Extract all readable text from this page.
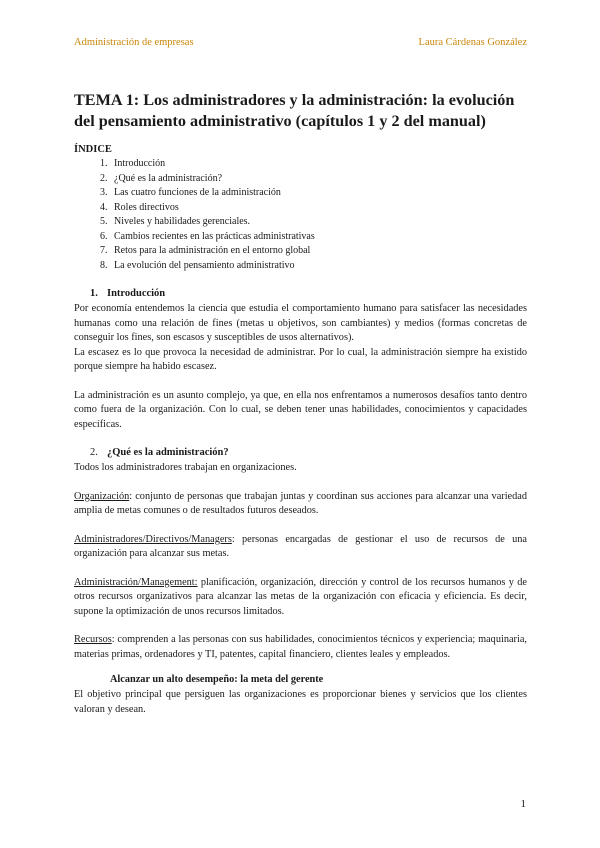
Administración de empresas	Laura Cárdenas González
TEMA 1: Los administradores y la administración: la evolución del pensamiento administrativo (capítulos 1 y 2 del manual)
ÍNDICE
1. Introducción
2. ¿Qué es la administración?
3. Las cuatro funciones de la administración
4. Roles directivos
5. Niveles y habilidades gerenciales.
6. Cambios recientes en las prácticas administrativas
7. Retos para la administración en el entorno global
8. La evolución del pensamiento administrativo
1. Introducción

Por economía entendemos la ciencia que estudia el comportamiento humano para satisfacer las necesidades humanas como una relación de fines (metas u objetivos, son cambiantes) y medios (formas concretas de conseguir los fines, son escasos y susceptibles de usos alternativos).

La escasez es lo que provoca la necesidad de administrar. Por lo cual, la administración siempre ha existido porque siempre ha habido escasez.

La administración es un asunto complejo, ya que, en ella nos enfrentamos a numerosos desafíos tanto dentro como fuera de la organización. Con lo cual, se deben tener unas habilidades, conocimientos y capacidades específicas.

2. ¿Qué es la administración?

Todos los administradores trabajan en organizaciones.

Organización: conjunto de personas que trabajan juntas y coordinan sus acciones para alcanzar una variedad amplia de metas comunes o de resultados futuros deseados.

Administradores/Directivos/Managers: personas encargadas de gestionar el uso de recursos de una organización para alcanzar sus metas.

Administración/Management: planificación, organización, dirección y control de los recursos humanos y de otros recursos organizativos para alcanzar las metas de la organización con eficacia y eficiencia. Es decir, supone la optimización de unos recursos limitados.

Recursos: comprenden a las personas con sus habilidades, conocimientos técnicos y experiencia; maquinaria, materias primas, ordenadores y TI, patentes, capital financiero, clientes leales y empleados.

Alcanzar un alto desempeño: la meta del gerente

El objetivo principal que persiguen las organizaciones es proporcionar bienes y servicios que los clientes valoran y desean.

1
